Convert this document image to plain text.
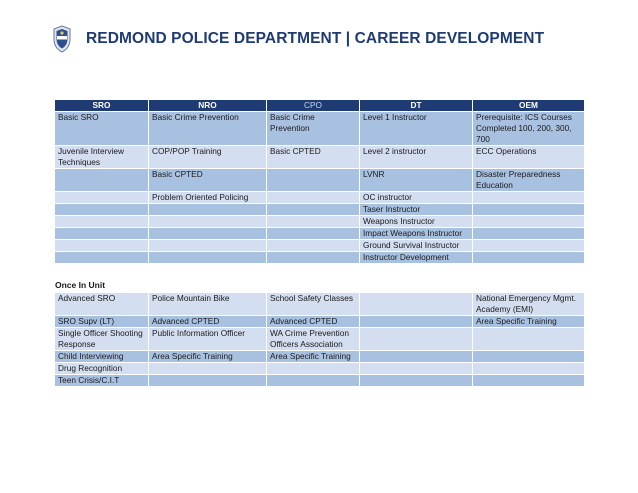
REDMOND POLICE DEPARTMENT | CAREER DEVELOPMENT
SRO	NRO	CPO	DT	OEM
Basic SRO	Basic Crime Prevention	Basic Crime Prevention	Level 1 Instructor	Prerequisite: ICS Courses Completed 100, 200, 300, 700
Juvenile Interview Techniques	COP/POP Training	Basic CPTED	Level 2 instructor	ECC Operations
	Basic CPTED		LVNR	Disaster Preparedness Education
	Problem Oriented Policing		OC instructor	
			Taser Instructor	
			Weapons Instructor	
			Impact Weapons Instructor	
			Ground Survival Instructor	
			Instructor Development	
Once In Unit
Advanced SRO	Police Mountain Bike	School Safety Classes		National Emergency Mgmt. Academy (EMI)
SRO Supv (LT)	Advanced CPTED	Advanced CPTED		Area Specific Training
Single Officer Shooting Response	Public Information Officer	WA Crime Prevention Officers Association		
Child Interviewing	Area Specific Training	Area Specific Training		
Drug Recognition				
Teen Crisis/C.I.T				
